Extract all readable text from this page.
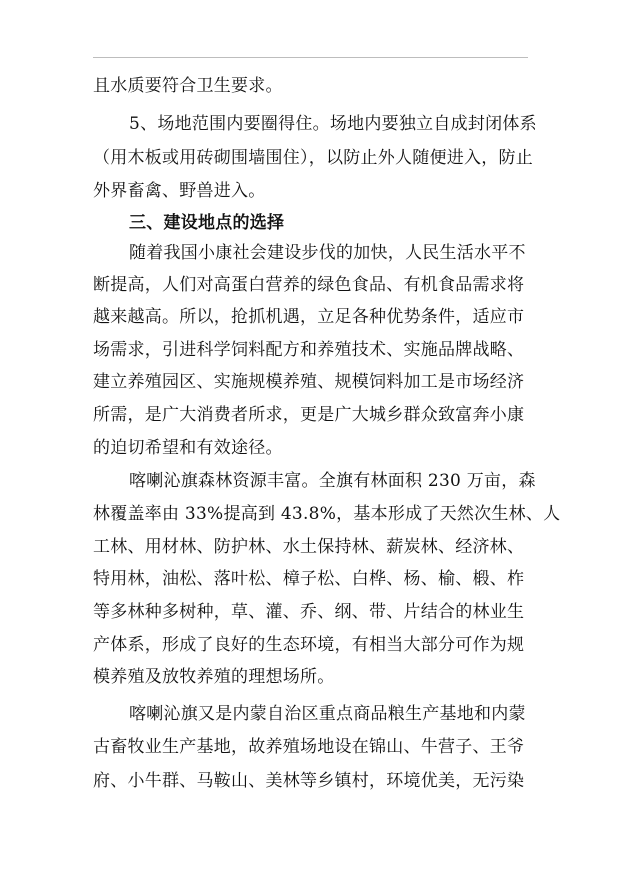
且水质要符合卫生要求。
5、场地范围内要圈得住。场地内要独立自成封闭体系
（用木板或用砖砌围墙围住），以防止外人随便进入，防止
外界畜禽、野兽进入。
三、建设地点的选择
随着我国小康社会建设步伐的加快，人民生活水平不
断提高，人们对高蛋白营养的绿色食品、有机食品需求将
越来越高。所以，抢抓机遇，立足各种优势条件，适应市
场需求，引进科学饲料配方和养殖技术、实施品牌战略、
建立养殖园区、实施规模养殖、规模饲料加工是市场经济
所需，是广大消费者所求，更是广大城乡群众致富奔小康
的迫切希望和有效途径。
喀喇沁旗森林资源丰富。全旗有林面积 230 万亩，森
林覆盖率由 33%提高到 43.8%，基本形成了天然次生林、人
工林、用材林、防护林、水土保持林、薪炭林、经济林、
特用林，油松、落叶松、樟子松、白桦、杨、榆、椴、柞
等多林种多树种，草、灌、乔、纲、带、片结合的林业生
产体系，形成了良好的生态环境，有相当大部分可作为规
模养殖及放牧养殖的理想场所。
喀喇沁旗又是内蒙自治区重点商品粮生产基地和内蒙
古畜牧业生产基地，故养殖场地设在锦山、牛营子、王爷
府、小牛群、马鞍山、美林等乡镇村，环境优美，无污染
